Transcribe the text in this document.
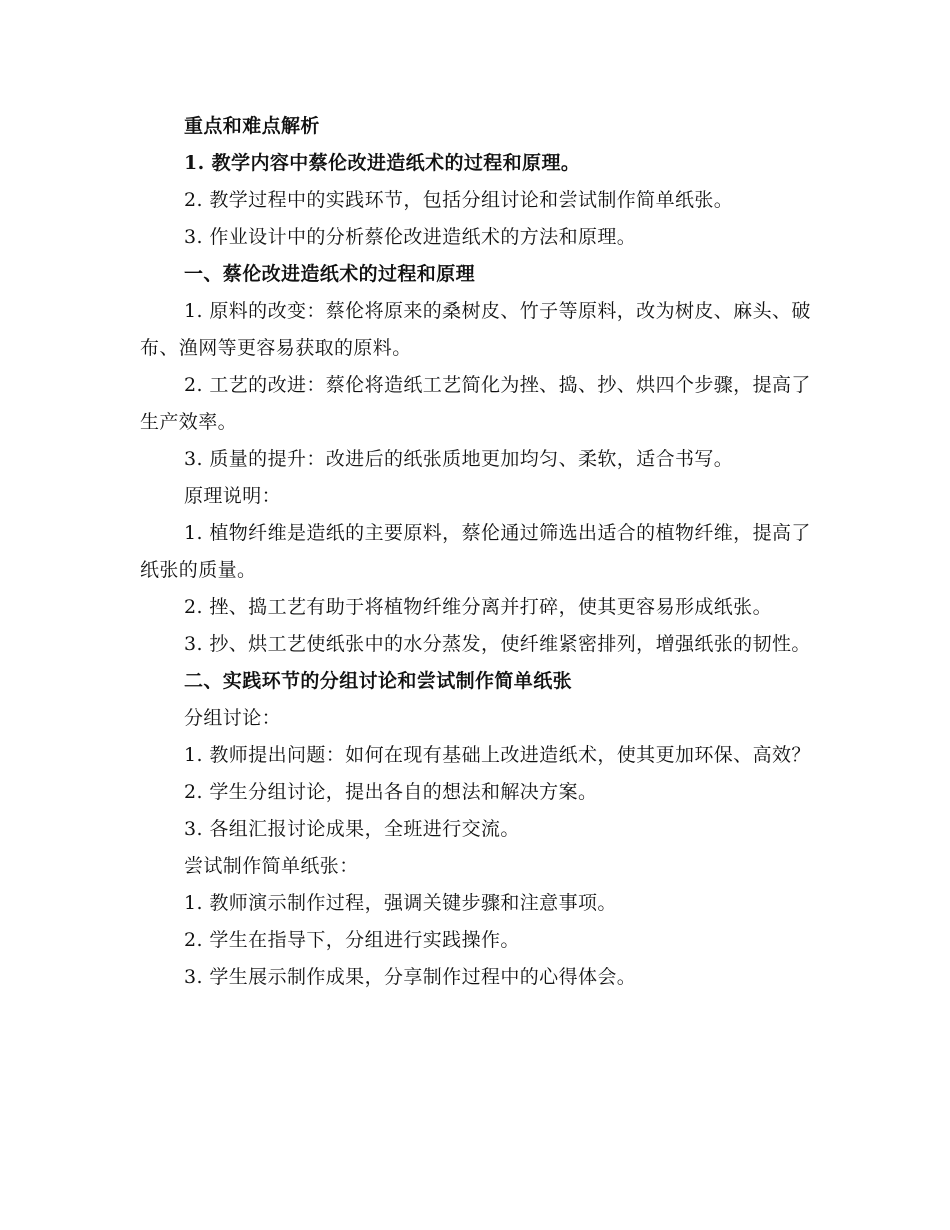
重点和难点解析

1. 教学内容中蔡伦改进造纸术的过程和原理。

2. 教学过程中的实践环节，包括分组讨论和尝试制作简单纸张。

3. 作业设计中的分析蔡伦改进造纸术的方法和原理。

一、蔡伦改进造纸术的过程和原理

1. 原料的改变：蔡伦将原来的桑树皮、竹子等原料，改为树皮、麻头、破布、渔网等更容易获取的原料。

2. 工艺的改进：蔡伦将造纸工艺简化为挫、捣、抄、烘四个步骤，提高了生产效率。

3. 质量的提升：改进后的纸张质地更加均匀、柔软，适合书写。

原理说明：

1. 植物纤维是造纸的主要原料，蔡伦通过筛选出适合的植物纤维，提高了纸张的质量。

2. 挫、捣工艺有助于将植物纤维分离并打碎，使其更容易形成纸张。

3. 抄、烘工艺使纸张中的水分蒸发，使纤维紧密排列，增强纸张的韧性。

二、实践环节的分组讨论和尝试制作简单纸张

分组讨论：

1. 教师提出问题：如何在现有基础上改进造纸术，使其更加环保、高效？

2. 学生分组讨论，提出各自的想法和解决方案。

3. 各组汇报讨论成果，全班进行交流。

尝试制作简单纸张：

1. 教师演示制作过程，强调关键步骤和注意事项。

2. 学生在指导下，分组进行实践操作。

3. 学生展示制作成果，分享制作过程中的心得体会。
